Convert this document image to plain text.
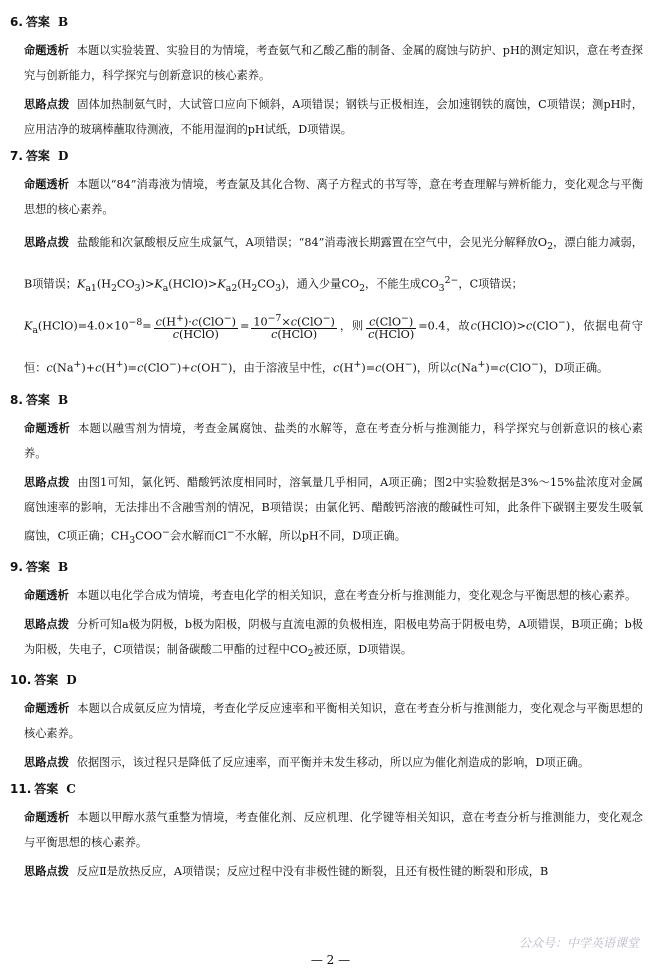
6. 答案 B

命题透析 本题以实验装置、实验目的为情境，考查氨气和乙酸乙酯的制备、金属的腐蚀与防护、pH的测定知识，意在考查探究与创新能力，科学探究与创新意识的核心素养。

思路点拨 固体加热制氨气时，大试管口应向下倾斜，A项错误；钢铁与正极相连，会加速钢铁的腐蚀，C项错误；测pH时，应用洁净的玻璃棒蘸取待测液，不能用湿润的pH试纸，D项错误。

7. 答案 D

命题透析 本题以“84”消毒液为情境，考查氯及其化合物、离子方程式的书写等，意在考查理解与辨析能力，变化观念与平衡思想的核心素养。

思路点拨 盐酸能和次氯酸根反应生成氯气，A项错误；“84”消毒液长期露置在空气中，会见光分解释放$O_2$，漂白能力减弱，B项错误；$K_{a1}(H_2CO_3)>K_a(HClO)>K_{a2}(H_2CO_3)$，通入少量$CO_2$，不能生成$CO_3^{2-}$，C项错误；
$K_a(HClO)=4.0\times 10^{-8}= \frac{c(H^+)\cdot c(ClO^-)}{\text{c(HClO)}} = \frac{10^{-7}\times c(ClO^-)}{\text{c(HClO)}}$ ，则 $\frac{c(ClO^-)}{\text{c(HClO)}} =0.4$，故c(HClO)>c(ClO−)，依据电荷守恒：c(Na+)+c(H+)=c(ClO−)+c(OH−)，由于溶液呈中性，c(H+)=c(OH−)，所以c(Na+)=c(ClO−)，D项正确。

8. 答案 B

命题透析 本题以融雪剂为情境，考查金属腐蚀、盐类的水解等，意在考查分析与推测能力，科学探究与创新意识的核心素养。

思路点拨 由图1可知，氯化钙、醋酸钙浓度相同时，溶氧量几乎相同，A项正确；图2中实验数据是3%～15%盐浓度对金属腐蚀速率的影响，无法排出不含融雪剂的情况，B项错误；由氯化钙、醋酸钙溶液的酸碱性可知，此条件下碳钢主要发生吸氧腐蚀，C项正确；$CH_3COO^-$会水解而Cl−不水解，所以pH不同，D项正确。

9. 答案 B

命题透析 本题以电化学合成为情境，考查电化学的相关知识，意在考查分析与推测能力，变化观念与平衡思想的核心素养。

思路点拨 分析可知a极为阴极，b极为阳极，阴极与直流电源的负极相连，阳极电势高于阴极电势，A项错误，B项正确；b极为阳极，失电子，C项错误；制备碳酸二甲酯的过程中$CO_2$被还原，D项错误。

10. 答案 D

命题透析 本题以合成氨反应为情境，考查化学反应速率和平衡相关知识，意在考查分析与推测能力，变化观念与平衡思想的核心素养。

思路点拨 依据图示，该过程只是降低了反应速率，而平衡并未发生移动，所以应为催化剂造成的影响，D项正确。

11. 答案 C

命题透析 本题以甲醇水蒸气重整为情境，考查催化剂、反应机理、化学键等相关知识，意在考查分析与推测能力，变化观念与平衡思想的核心素养。

思路点拨 反应Ⅱ是放热反应，A项错误；反应过程中没有非极性键的断裂，且还有极性键的断裂和形成，B

公众号：中学英语课堂
— 2 —
